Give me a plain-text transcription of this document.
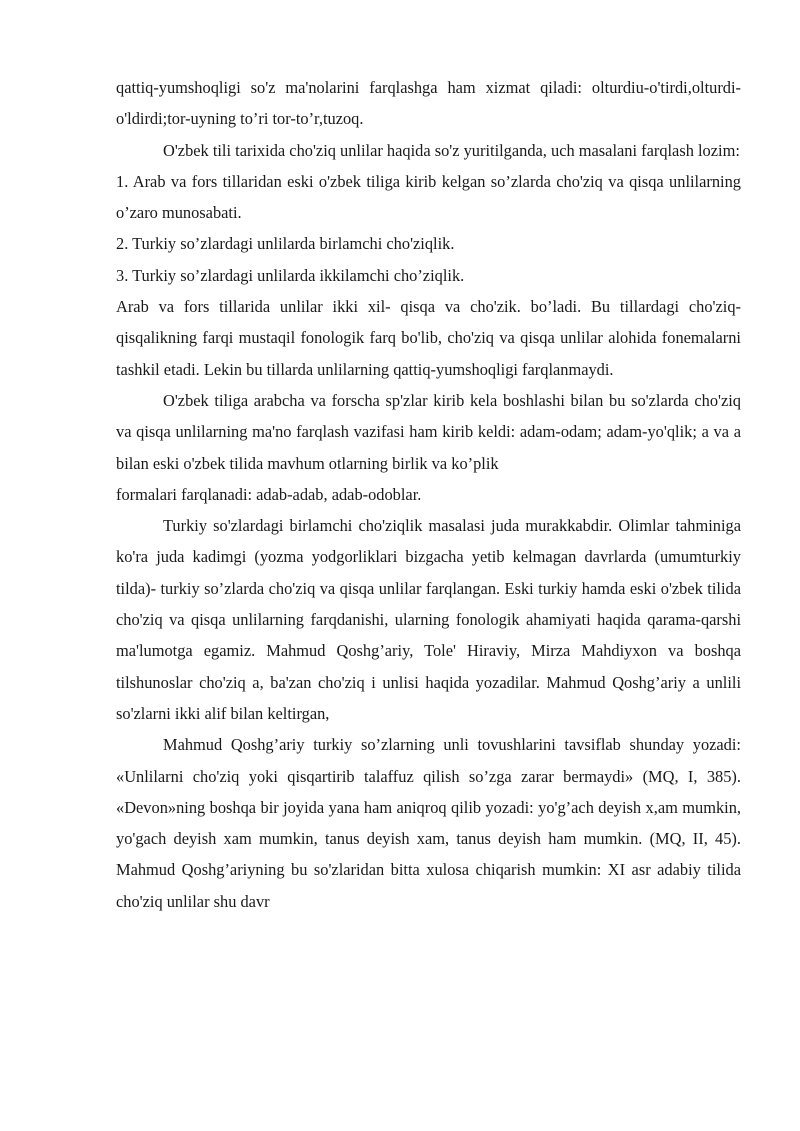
qattiq-yumshoqligi so'z ma'nolarini farqlashga ham xizmat qiladi: olturdiu-o'tirdi,olturdi-o'ldirdi;tor-uyning to’ri tor-to’r,tuzoq.

O'zbek tili tarixida cho'ziq unlilar haqida so'z yuritilganda, uch masalani farqlash lozim:

1. Arab va fors tillaridan eski o'zbek tiliga kirib kelgan so’zlarda cho'ziq va qisqa unlilarning o’zaro munosabati.

2. Turkiy so’zlardagi unlilarda birlamchi cho'ziqlik.

3. Turkiy so’zlardagi unlilarda ikkilamchi cho’ziqlik.

Arab va fors tillarida unlilar ikki xil- qisqa va cho'zik. bo’ladi. Bu tillardagi cho'ziq-qisqalikning farqi mustaqil fonologik farq bo'lib, cho'ziq va qisqa unlilar alohida fonemalarni tashkil etadi. Lekin bu tillarda unlilarning qattiq-yumshoqligi farqlanmaydi.

O'zbek tiliga arabcha va forscha sp'zlar kirib kela boshlashi bilan bu so'zlarda cho'ziq va qisqa unlilarning ma'no farqlash vazifasi ham kirib keldi: adam-odam; adam-yo'qlik; a va a bilan eski o'zbek tilida mavhum otlarning birlik va ko’plik

formalari farqlanadi: adab-adab, adab-odoblar.

Turkiy so'zlardagi birlamchi cho'ziqlik masalasi juda murakkabdir. Olimlar tahminiga ko'ra juda kadimgi (yozma yodgorliklari bizgacha yetib kelmagan davrlarda (umumturkiy tilda)- turkiy so’zlarda cho'ziq va qisqa unlilar farqlangan. Eski turkiy hamda eski o'zbek tilida cho'ziq va qisqa unlilarning farqdanishi, ularning fonologik ahamiyati haqida qarama-qarshi ma'lumotga egamiz. Mahmud Qoshg’ariy, Tole' Hiraviy, Mirza Mahdiyxon va boshqa tilshunoslar cho'ziq a, ba'zan cho'ziq i unlisi haqida yozadilar. Mahmud Qoshg’ariy a unlili so'zlarni ikki alif bilan keltirgan,

Mahmud Qoshg’ariy turkiy so’zlarning unli tovushlarini tavsiflab shunday yozadi: «Unlilarni cho'ziq yoki qisqartirib talaffuz qilish so’zga zarar bermaydi» (MQ, I, 385). «Devon»ning boshqa bir joyida yana ham aniqroq qilib yozadi: yo'g’ach deyish x,am mumkin, yo'gach deyish xam mumkin, tanus deyish xam, tanus deyish ham mumkin. (MQ, II, 45). Mahmud Qoshg’ariyning bu so'zlaridan bitta xulosa chiqarish mumkin: XI asr adabiy tilida cho'ziq unlilar shu davr
